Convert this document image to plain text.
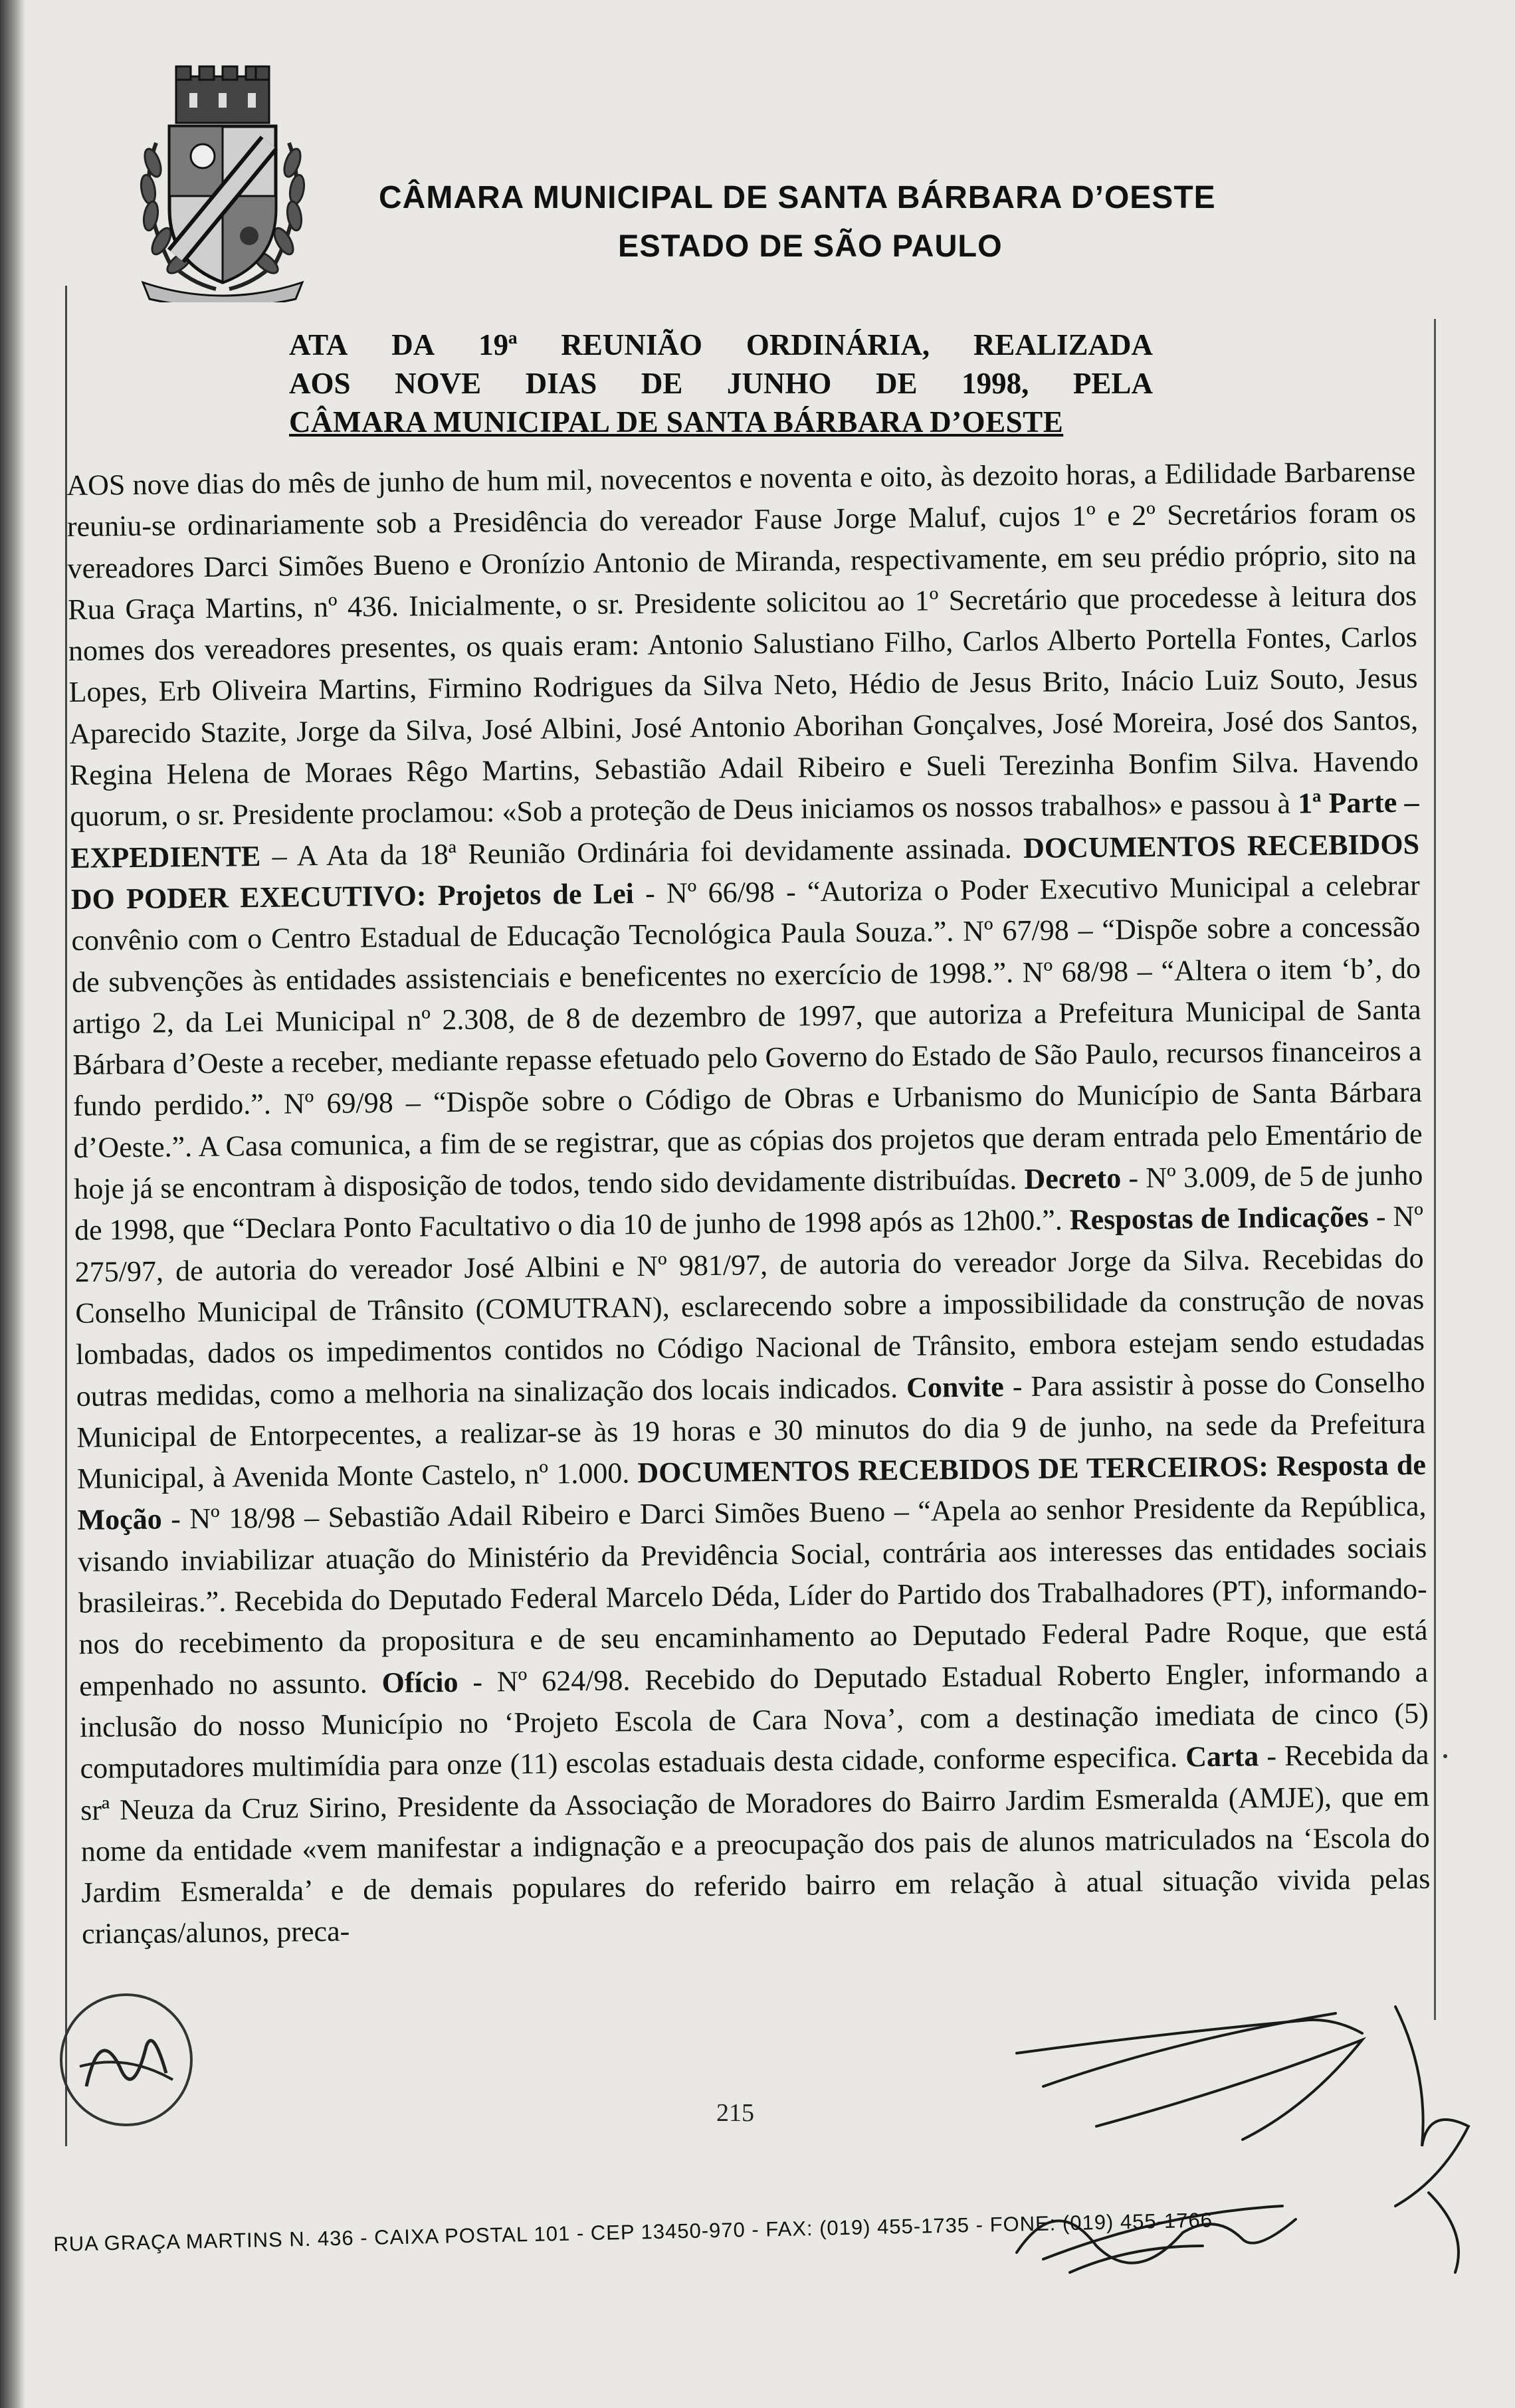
CÂMARA MUNICIPAL DE SANTA BÁRBARA D’OESTE
ESTADO DE SÃO PAULO
ATA DA 19ª REUNIÃO ORDINÁRIA, REALIZADA
AOS NOVE DIAS DE JUNHO DE 1998, PELA
CÂMARA MUNICIPAL DE SANTA BÁRBARA D’OESTE
AOS nove dias do mês de junho de hum mil, novecentos e noventa e oito, às dezoito horas, a Edilidade Barbarense reuniu-se ordinariamente sob a Presidência do vereador Fause Jorge Maluf, cujos 1º e 2º Secretários foram os vereadores Darci Simões Bueno e Oronízio Antonio de Miranda, respectivamente, em seu prédio próprio, sito na Rua Graça Martins, nº 436. Inicialmente, o sr. Presidente solicitou ao 1º Secretário que procedesse à leitura dos nomes dos vereadores presentes, os quais eram: Antonio Salustiano Filho, Carlos Alberto Portella Fontes, Carlos Lopes, Erb Oliveira Martins, Firmino Rodrigues da Silva Neto, Hédio de Jesus Brito, Inácio Luiz Souto, Jesus Aparecido Stazite, Jorge da Silva, José Albini, José Antonio Aborihan Gonçalves, José Moreira, José dos Santos, Regina Helena de Moraes Rêgo Martins, Sebastião Adail Ribeiro e Sueli Terezinha Bonfim Silva. Havendo quorum, o sr. Presidente proclamou: «Sob a proteção de Deus iniciamos os nossos trabalhos» e passou à 1ª Parte – EXPEDIENTE – A Ata da 18ª Reunião Ordinária foi devidamente assinada. DOCUMENTOS RECEBIDOS DO PODER EXECUTIVO: Projetos de Lei - Nº 66/98 - “Autoriza o Poder Executivo Municipal a celebrar convênio com o Centro Estadual de Educação Tecnológica Paula Souza.”. Nº 67/98 – “Dispõe sobre a concessão de subvenções às entidades assistenciais e beneficentes no exercício de 1998.”. Nº 68/98 – “Altera o item ‘b’, do artigo 2, da Lei Municipal nº 2.308, de 8 de dezembro de 1997, que autoriza a Prefeitura Municipal de Santa Bárbara d’Oeste a receber, mediante repasse efetuado pelo Governo do Estado de São Paulo, recursos financeiros a fundo perdido.”. Nº 69/98 – “Dispõe sobre o Código de Obras e Urbanismo do Município de Santa Bárbara d’Oeste.”. A Casa comunica, a fim de se registrar, que as cópias dos projetos que deram entrada pelo Ementário de hoje já se encontram à disposição de todos, tendo sido devidamente distribuídas. Decreto - Nº 3.009, de 5 de junho de 1998, que “Declara Ponto Facultativo o dia 10 de junho de 1998 após as 12h00.”. Respostas de Indicações - Nº 275/97, de autoria do vereador José Albini e Nº 981/97, de autoria do vereador Jorge da Silva. Recebidas do Conselho Municipal de Trânsito (COMUTRAN), esclarecendo sobre a impossibilidade da construção de novas lombadas, dados os impedimentos contidos no Código Nacional de Trânsito, embora estejam sendo estudadas outras medidas, como a melhoria na sinalização dos locais indicados. Convite - Para assistir à posse do Conselho Municipal de Entorpecentes, a realizar-se às 19 horas e 30 minutos do dia 9 de junho, na sede da Prefeitura Municipal, à Avenida Monte Castelo, nº 1.000. DOCUMENTOS RECEBIDOS DE TERCEIROS: Resposta de Moção - Nº 18/98 – Sebastião Adail Ribeiro e Darci Simões Bueno – “Apela ao senhor Presidente da República, visando inviabilizar atuação do Ministério da Previdência Social, contrária aos interesses das entidades sociais brasileiras.”. Recebida do Deputado Federal Marcelo Déda, Líder do Partido dos Trabalhadores (PT), informando-nos do recebimento da propositura e de seu encaminhamento ao Deputado Federal Padre Roque, que está empenhado no assunto. Ofício - Nº 624/98. Recebido do Deputado Estadual Roberto Engler, informando a inclusão do nosso Município no ‘Projeto Escola de Cara Nova’, com a destinação imediata de cinco (5) computadores multimídia para onze (11) escolas estaduais desta cidade, conforme especifica. Carta - Recebida da srª Neuza da Cruz Sirino, Presidente da Associação de Moradores do Bairro Jardim Esmeralda (AMJE), que em nome da entidade «vem manifestar a indignação e a preocupação dos pais de alunos matriculados na ‘Escola do Jardim Esmeralda’ e de demais populares do referido bairro em relação à atual situação vivida pelas crianças/alunos, preca-
215
RUA GRAÇA MARTINS N. 436 - CAIXA POSTAL 101 - CEP 13450-970 - FAX: (019) 455-1735 - FONE: (019) 455-1766
